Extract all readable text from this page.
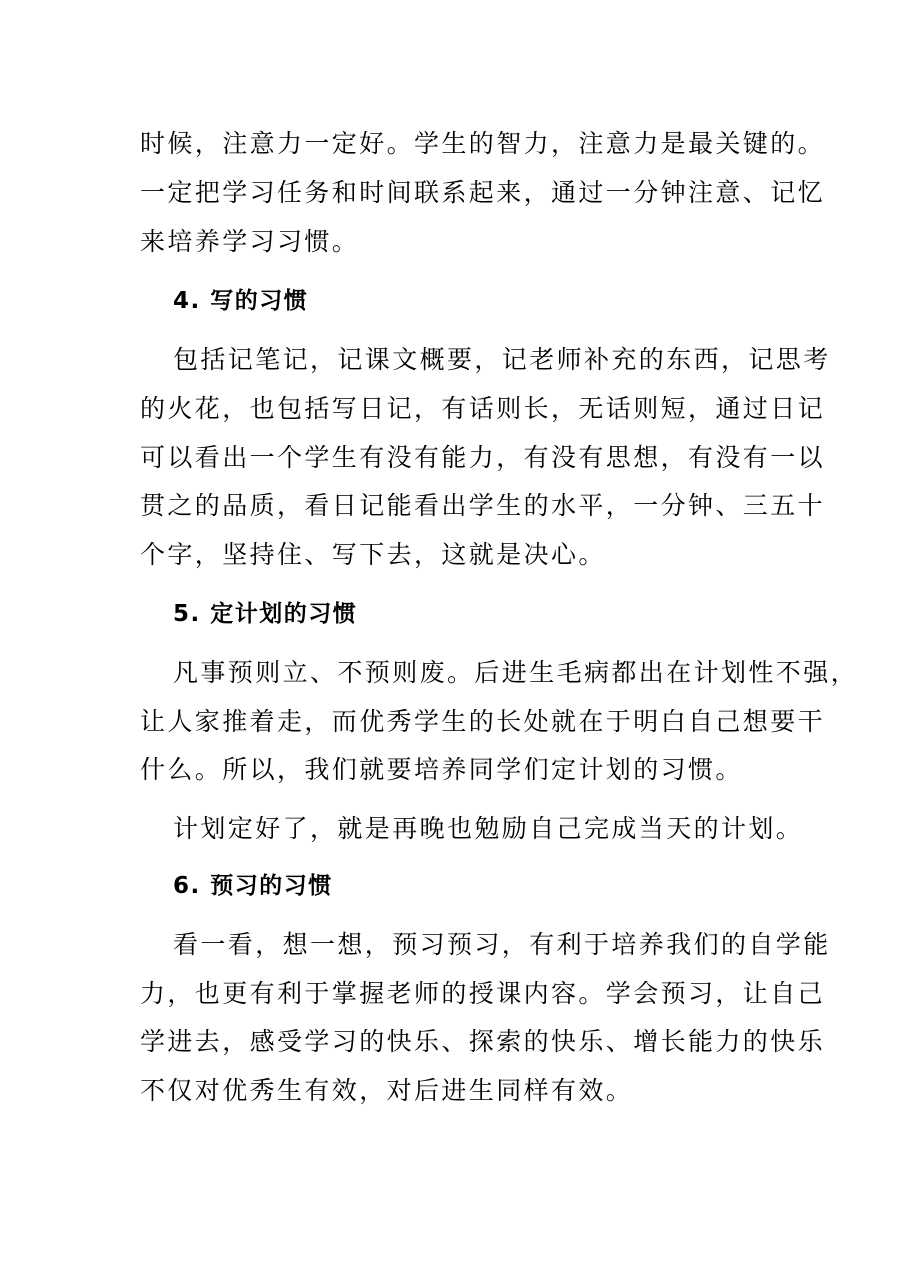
时候，注意力一定好。学生的智力，注意力是最关键的。
一定把学习任务和时间联系起来，通过一分钟注意、记忆
来培养学习习惯。
4. 写的习惯
包括记笔记，记课文概要，记老师补充的东西，记思考
的火花，也包括写日记，有话则长，无话则短，通过日记
可以看出一个学生有没有能力，有没有思想，有没有一以
贯之的品质，看日记能看出学生的水平，一分钟、三五十
个字，坚持住、写下去，这就是决心。
5. 定计划的习惯
凡事预则立、不预则废。后进生毛病都出在计划性不强，
让人家推着走，而优秀学生的长处就在于明白自己想要干
什么。所以，我们就要培养同学们定计划的习惯。
计划定好了，就是再晚也勉励自己完成当天的计划。
6. 预习的习惯
看一看，想一想，预习预习，有利于培养我们的自学能
力，也更有利于掌握老师的授课内容。学会预习，让自己
学进去，感受学习的快乐、探索的快乐、增长能力的快乐
不仅对优秀生有效，对后进生同样有效。
